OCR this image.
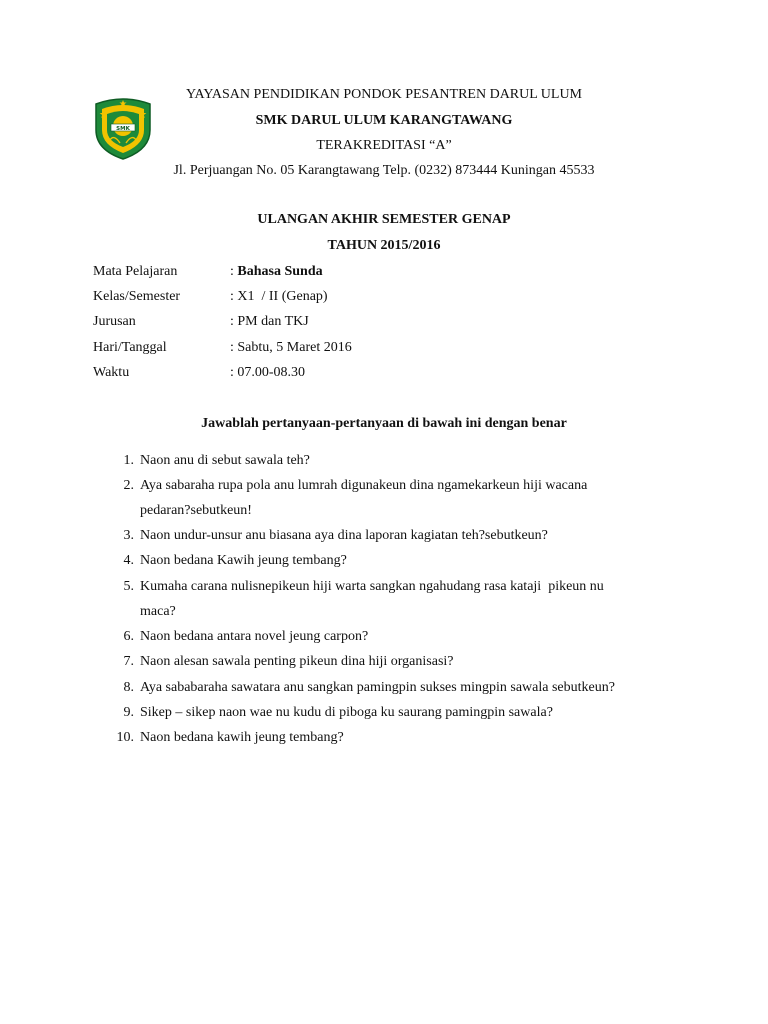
SMK
YAYASAN PENDIDIKAN PONDOK PESANTREN DARUL ULUM
SMK DARUL ULUM KARANGTAWANG
TERAKREDITASI “A”
Jl. Perjuangan No. 05 Karangtawang Telp. (0232) 873444 Kuningan 45533
ULANGAN AKHIR SEMESTER GENAP
TAHUN 2015/2016
Mata Pelajaran	: Bahasa Sunda
Kelas/Semester	: X1  / II (Genap)
Jurusan	: PM dan TKJ
Hari/Tanggal	: Sabtu, 5 Maret 2016
Waktu	: 07.00-08.30
Jawablah pertanyaan-pertanyaan di bawah ini dengan benar
1. Naon anu di sebut sawala teh?
2. Aya sabaraha rupa pola anu lumrah digunakeun dina ngamekarkeun hiji wacana
pedaran?sebutkeun!
3. Naon undur-unsur anu biasana aya dina laporan kagiatan teh?sebutkeun?
4. Naon bedana Kawih jeung tembang?
5. Kumaha carana nulisnepikeun hiji warta sangkan ngahudang rasa kataji  pikeun nu
maca?
6. Naon bedana antara novel jeung carpon?
7. Naon alesan sawala penting pikeun dina hiji organisasi?
8. Aya sababaraha sawatara anu sangkan pamingpin sukses mingpin sawala sebutkeun?
9. Sikep – sikep naon wae nu kudu di piboga ku saurang pamingpin sawala?
10. Naon bedana kawih jeung tembang?
